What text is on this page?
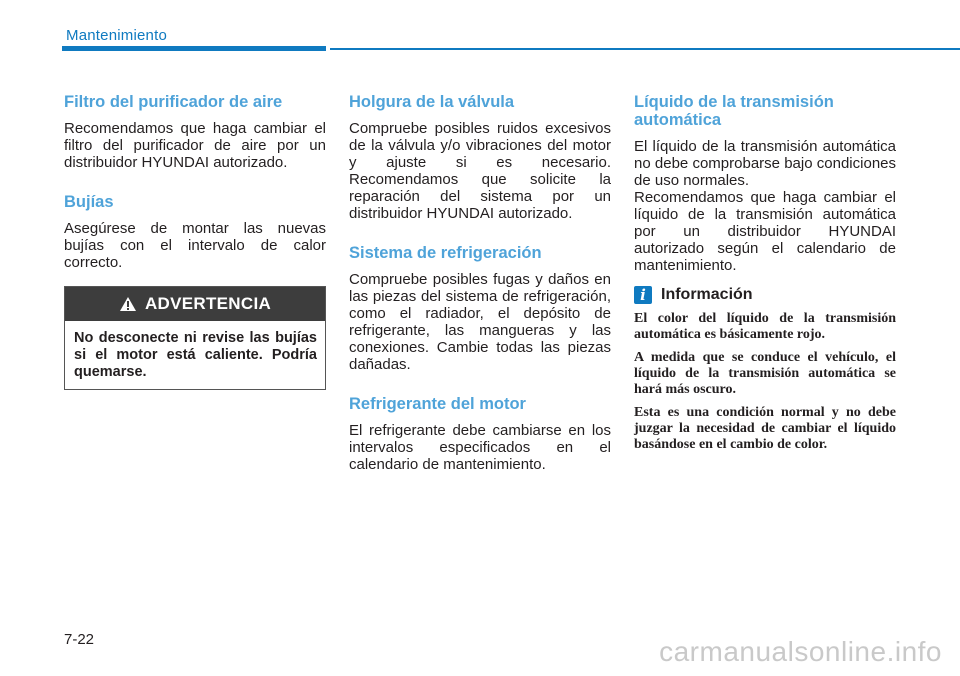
Mantenimiento
Filtro del purificador de aire

Recomendamos que haga cambiar el filtro del purificador de aire por un distribuidor HYUNDAI autorizado.

Bujías

Asegúrese de montar las nuevas bujías con el intervalo de calor correcto.

ADVERTENCIA
No desconecte ni revise las bujías si el motor está caliente. Podría quemarse.
Holgura de la válvula

Compruebe posibles ruidos excesivos de la válvula y/o vibraciones del motor y ajuste si es necesario. Recomendamos que solicite la reparación del sistema por un distribuidor HYUNDAI autorizado.

Sistema de refrigeración

Compruebe posibles fugas y daños en las piezas del sistema de refrigeración, como el radiador, el depósito de refrigerante, las mangueras y las conexiones. Cambie todas las piezas dañadas.

Refrigerante del motor

El refrigerante debe cambiarse en los intervalos especificados en el calendario de mantenimiento.

Líquido de la transmisión automática

El líquido de la transmisión automática no debe comprobarse bajo condiciones de uso normales.

Recomendamos que haga cambiar el líquido de la transmisión automática por un distribuidor HYUNDAI autorizado según el calendario de mantenimiento.

i Información

El color del líquido de la transmisión automática es básicamente rojo.

A medida que se conduce el vehículo, el líquido de la transmisión automática se hará más oscuro.

Esta es una condición normal y no debe juzgar la necesidad de cambiar el líquido basándose en el cambio de color.

7-22	carmanualsonline.info
